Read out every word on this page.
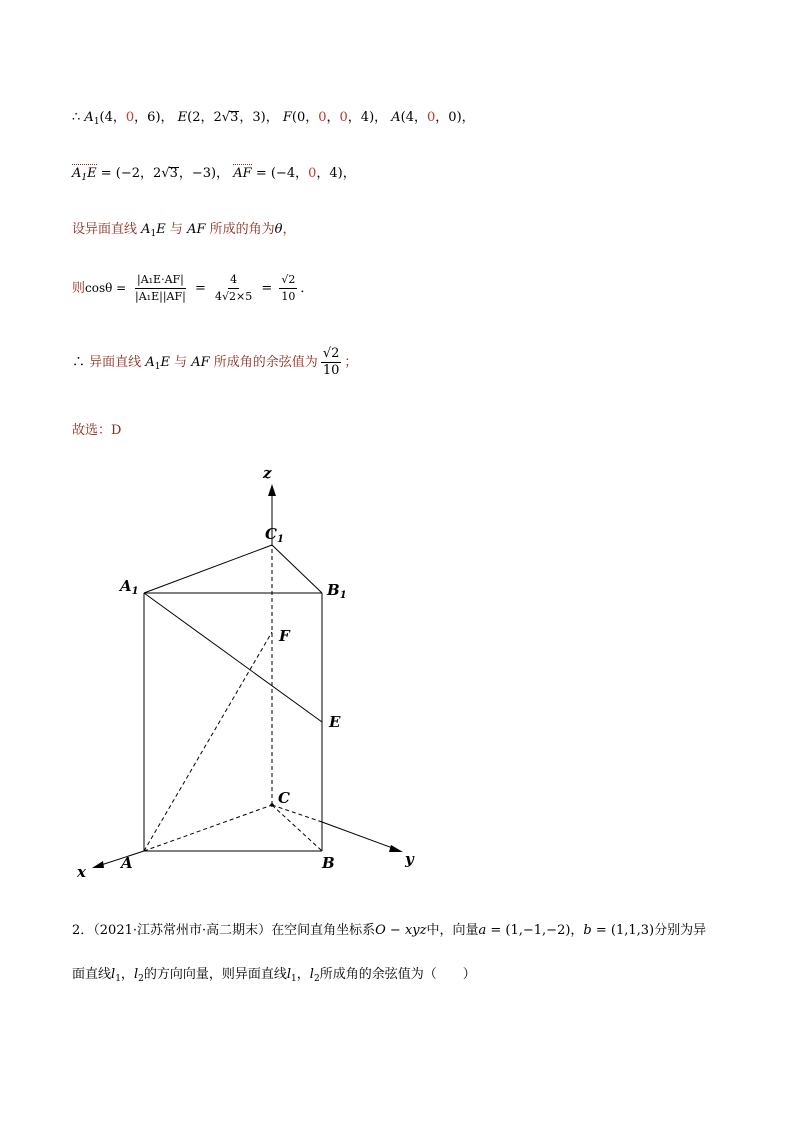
∴ $A_1(4$，0，6)， E(2，2√3，3)， F(0，0，0，4)， A(4，0，0)，
$A_1E = (-2$，2√3，−3)， AF = (−4，0，4)，
设异面直线 $A_1E$ 与 AF 所成的角为θ，
则$\cos\theta = \frac{\text{|A₁E·AF|}}{\text{|A₁E||AF|}} = \frac{4}{4√2\times 5} = \frac{√2}{10}$ ．
∴ 异面直线 $A_1E$ 与 AF 所成角的余弦值为 $\frac{√2}{10}$ ；
故选：D
z
$C_1$
$A_1$	$B_1$
F
E
C
A	B	y
x
2．（2021·江苏常州市·高二期末）在空间直角坐标系O − xyz中，向量a = (1,−1,−2)，b = (1,1,3)分别为异
面直线$l_1$，$l_2$的方向向量，则异面直线$l_1$，$l_2$所成角的余弦值为（　　）
